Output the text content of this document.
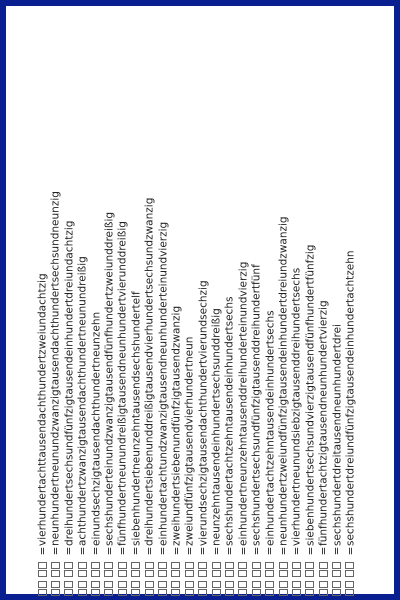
=vierhundertachttausendachthundertzweiundachtzig
=neunhundertneunundzwanzigtausendachthundertsechsundneunzig
=dreihundertsechsundfünfzigtausendeinhundertdreiundachtzig
=achthundertzwanzigtausendachthundertneunundreißig
=einundsechzigtausendachthundertneunzehn
=sechshunderteinundzwanzigtausendfünfhundertzweiunddreißig
=fünfhundertneunundreißigtausendneunhundertvierunddreißig
=siebenhundertneunzehntausendsechshundertelf
=dreihundertsiebenunddreißigtausendvierhundertsechsundzwanzig
=einhundertachtundzwanzigtausendneunhunderteinundvierzig
=zweihundertsiebenundfünfzigtausendzwanzig
=zweiundfünfzigtausendvierhundertneun
=vierundsechzigtausendachthundertvierundsechzig
=neunzehntausendeinhundertsechsunddreißig
=sechshundertachtzehntausendeinhundertsechs
=einhundertneunzehntausenddreihunderteinundvierzig
=sechshundertsechsundfünfzigtausenddreihundertfünf
=einhundertachtzehntausendeinhundertsechs
=neunhundertzweiundfünfzigtausendeinhundertdreiundzwanzig
=vierhundertneunundsiebzigtausenddreihundertsechs
=siebenhundertsechsundvierzigtausendfünfhundertfünfzig
=fünfhundertachtzigtausendneunhundertvierzig
=sechshundertdreitausendneunhundertdrei
=sechshundertdreiundfünfzigtausendeinhundertachtzehn
